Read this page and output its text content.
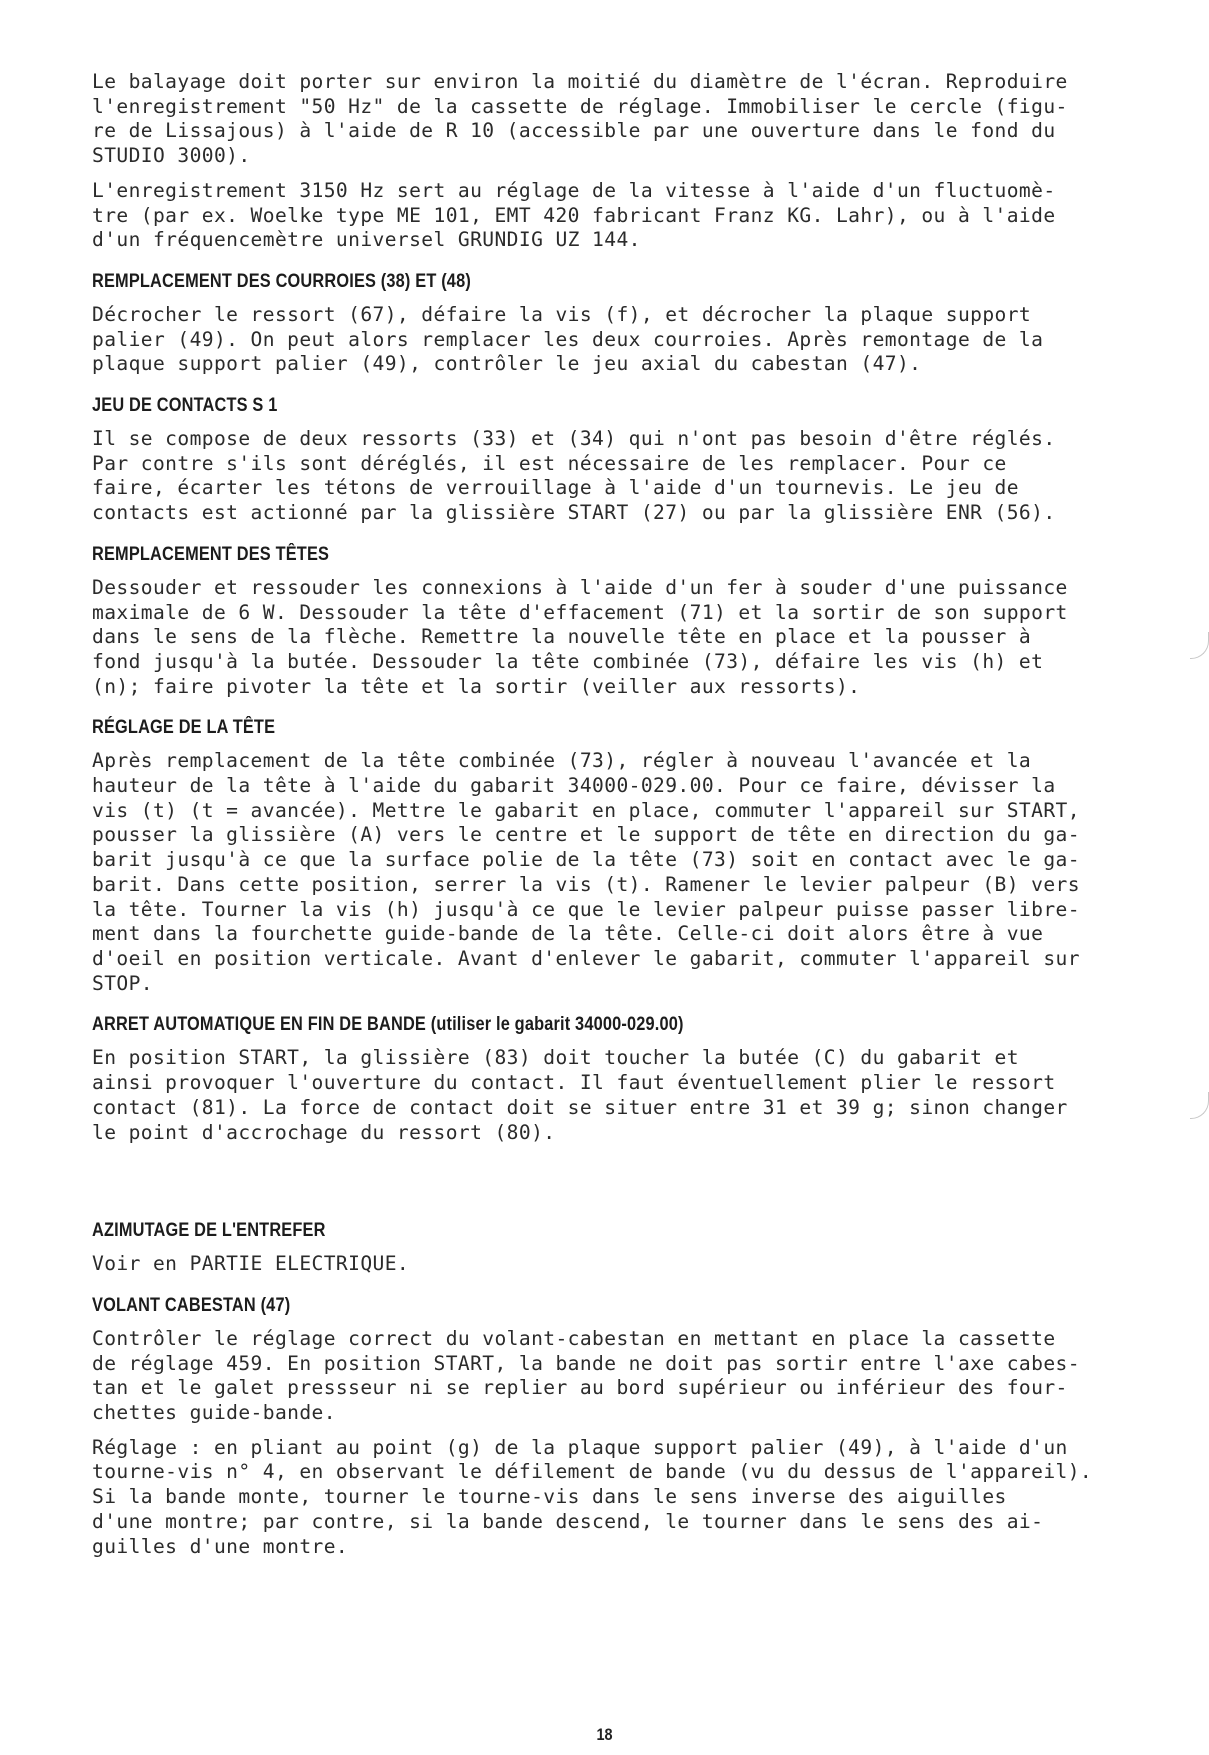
Le balayage doit porter sur environ la moitié du diamètre de l'écran. Reproduire
l'enregistrement "50 Hz" de la cassette de réglage. Immobiliser le cercle (figu-
re de Lissajous) à l'aide de R 10 (accessible par une ouverture dans le fond du
STUDIO 3000).

L'enregistrement 3150 Hz sert au réglage de la vitesse à l'aide d'un fluctuomè-
tre (par ex. Woelke type ME 101, EMT 420 fabricant Franz KG. Lahr), ou à l'aide
d'un fréquencemètre universel GRUNDIG UZ 144.

REMPLACEMENT DES COURROIES (38) ET (48)

Décrocher le ressort (67), défaire la vis (f), et décrocher la plaque support
palier (49). On peut alors remplacer les deux courroies. Après remontage de la
plaque support palier (49), contrôler le jeu axial du cabestan (47).

JEU DE CONTACTS S 1

Il se compose de deux ressorts (33) et (34) qui n'ont pas besoin d'être réglés.
Par contre s'ils sont déréglés, il est nécessaire de les remplacer. Pour ce
faire, écarter les tétons de verrouillage à l'aide d'un tournevis. Le jeu de
contacts est actionné par la glissière START (27) ou par la glissière ENR (56).

REMPLACEMENT DES TÊTES

Dessouder et ressouder les connexions à l'aide d'un fer à souder d'une puissance
maximale de 6 W. Dessouder la tête d'effacement (71) et la sortir de son support
dans le sens de la flèche. Remettre la nouvelle tête en place et la pousser à
fond jusqu'à la butée. Dessouder la tête combinée (73), défaire les vis (h) et
(n); faire pivoter la tête et la sortir (veiller aux ressorts).

RÉGLAGE DE LA TÊTE

Après remplacement de la tête combinée (73), régler à nouveau l'avancée et la
hauteur de la tête à l'aide du gabarit 34000-029.00. Pour ce faire, dévisser la
vis (t) (t = avancée). Mettre le gabarit en place, commuter l'appareil sur START,
pousser la glissière (A) vers le centre et le support de tête en direction du ga-
barit jusqu'à ce que la surface polie de la tête (73) soit en contact avec le ga-
barit. Dans cette position, serrer la vis (t). Ramener le levier palpeur (B) vers
la tête. Tourner la vis (h) jusqu'à ce que le levier palpeur puisse passer libre-
ment dans la fourchette guide-bande de la tête. Celle-ci doit alors être à vue
d'oeil en position verticale. Avant d'enlever le gabarit, commuter l'appareil sur
STOP.

ARRET AUTOMATIQUE EN FIN DE BANDE (utiliser le gabarit 34000-029.00)

En position START, la glissière (83) doit toucher la butée (C) du gabarit et
ainsi provoquer l'ouverture du contact. Il faut éventuellement plier le ressort
contact (81). La force de contact doit se situer entre 31 et 39 g; sinon changer
le point d'accrochage du ressort (80).

AZIMUTAGE DE L'ENTREFER

Voir en PARTIE ELECTRIQUE.

VOLANT CABESTAN (47)

Contrôler le réglage correct du volant-cabestan en mettant en place la cassette
de réglage 459. En position START, la bande ne doit pas sortir entre l'axe cabes-
tan et le galet pressseur ni se replier au bord supérieur ou inférieur des four-
chettes guide-bande.

Réglage : en pliant au point (g) de la plaque support palier (49), à l'aide d'un
tourne-vis n° 4, en observant le défilement de bande (vu du dessus de l'appareil).
Si la bande monte, tourner le tourne-vis dans le sens inverse des aiguilles
d'une montre; par contre, si la bande descend, le tourner dans le sens des ai-
guilles d'une montre.

18
